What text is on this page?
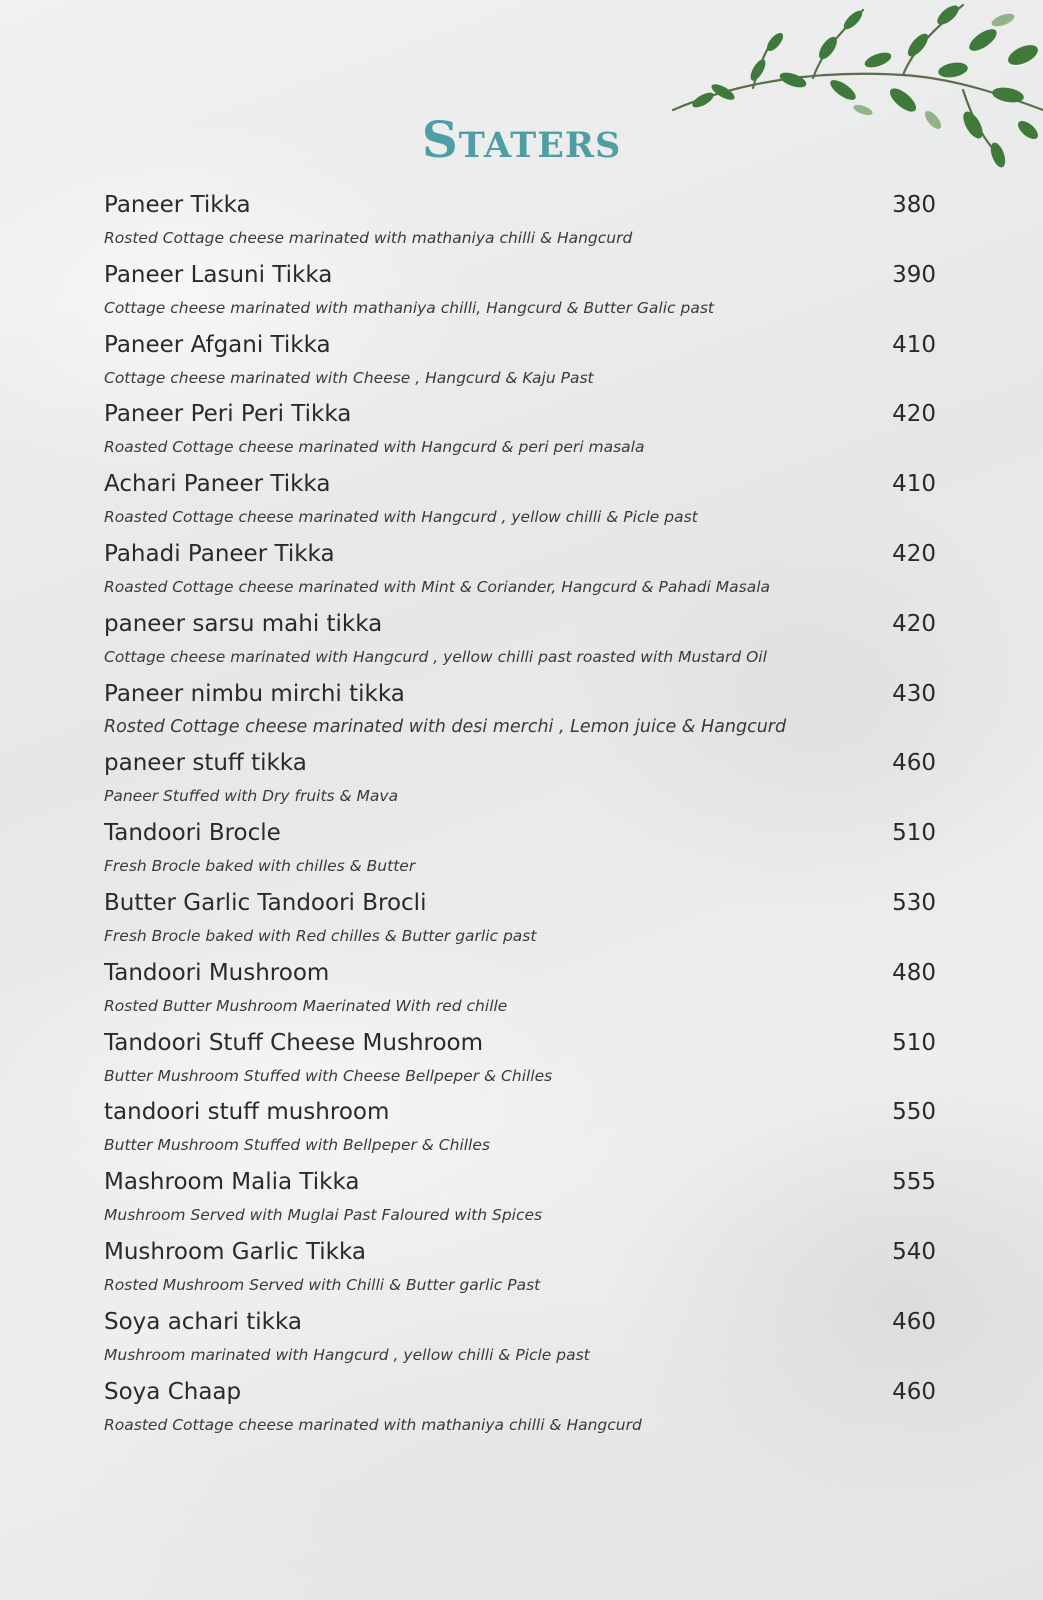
Staters
Paneer Tikka	380
Rosted Cottage cheese marinated with mathaniya chilli & Hangcurd
Paneer Lasuni Tikka	390
Cottage cheese marinated with mathaniya chilli, Hangcurd & Butter Galic past
Paneer Afgani Tikka	410
Cottage cheese marinated with Cheese , Hangcurd & Kaju Past
Paneer Peri Peri Tikka	420
Roasted Cottage cheese marinated with Hangcurd & peri peri masala
Achari Paneer Tikka	410
Roasted Cottage cheese marinated with Hangcurd , yellow chilli & Picle past
Pahadi Paneer Tikka	420
Roasted Cottage cheese marinated with Mint & Coriander, Hangcurd & Pahadi Masala
paneer sarsu mahi tikka	420
Cottage cheese marinated with Hangcurd , yellow chilli past roasted with Mustard Oil
Paneer nimbu mirchi tikka	430
Rosted Cottage cheese marinated with desi merchi , Lemon juice & Hangcurd
paneer stuff tikka	460
Paneer Stuffed with Dry fruits & Mava
Tandoori Brocle	510
Fresh Brocle baked with chilles & Butter
Butter Garlic Tandoori Brocli	530
Fresh Brocle baked with Red chilles & Butter garlic past
Tandoori Mushroom	480
Rosted Butter Mushroom Maerinated With red chille
Tandoori Stuff Cheese Mushroom	510
Butter Mushroom Stuffed with Cheese Bellpeper & Chilles
tandoori stuff mushroom	550
Butter Mushroom Stuffed with Bellpeper & Chilles
Mashroom Malia Tikka	555
Mushroom Served with Muglai Past Faloured with Spices
Mushroom Garlic Tikka	540
Rosted Mushroom Served with Chilli & Butter garlic Past
Soya achari tikka	460
Mushroom marinated with Hangcurd , yellow chilli & Picle past
Soya Chaap	460
Roasted Cottage cheese marinated with mathaniya chilli & Hangcurd
